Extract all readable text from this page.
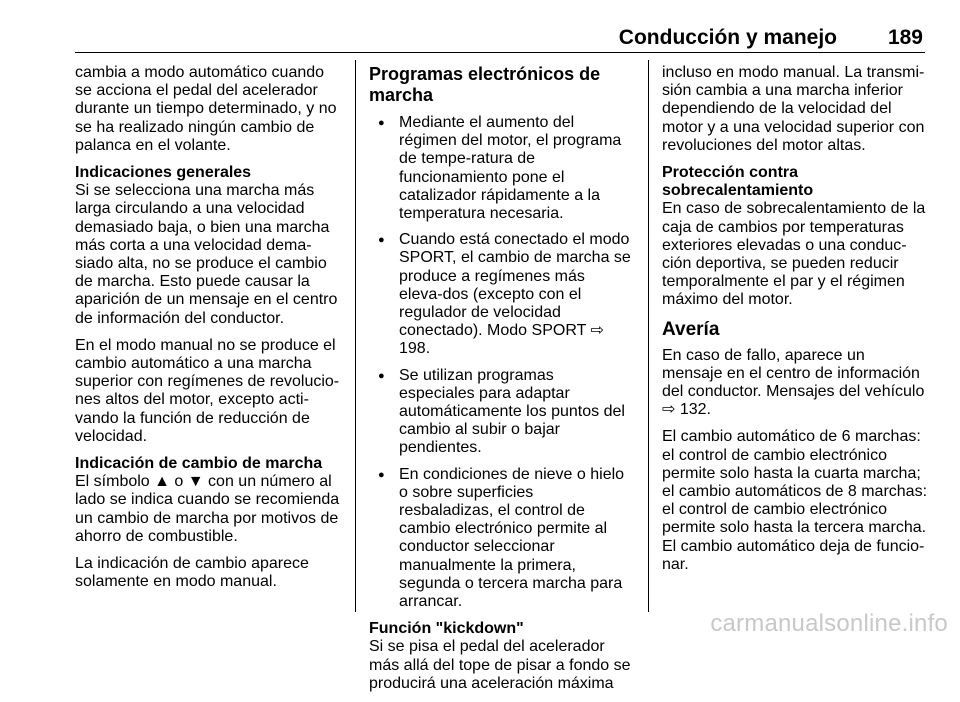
Conducción y manejo 189

cambia a modo automático cuando se acciona el pedal del acelerador durante un tiempo determinado, y no se ha realizado ningún cambio de palanca en el volante.

Indicaciones generales

Si se selecciona una marcha más larga circulando a una velocidad demasiado baja, o bien una marcha más corta a una velocidad dema-siado alta, no se produce el cambio de marcha. Esto puede causar la aparición de un mensaje en el centro de información del conductor.

En el modo manual no se produce el cambio automático a una marcha superior con regímenes de revolucio-nes altos del motor, excepto acti-vando la función de reducción de velocidad.

Indicación de cambio de marcha

El símbolo ▲ o ▼ con un número al lado se indica cuando se recomienda un cambio de marcha por motivos de ahorro de combustible.

La indicación de cambio aparece solamente en modo manual.

Programas electrónicos de marcha
● Mediante el aumento del régimen del motor, el programa de tempe-ratura de funcionamiento pone el catalizador rápidamente a la temperatura necesaria.
● Cuando está conectado el modo SPORT, el cambio de marcha se produce a regímenes más eleva-dos (excepto con el regulador de velocidad conectado). Modo SPORT ⇨ 198.
● Se utilizan programas especiales para adaptar automáticamente los puntos del cambio al subir o bajar pendientes.
● En condiciones de nieve o hielo o sobre superficies resbaladizas, el control de cambio electrónico permite al conductor seleccionar manualmente la primera, segunda o tercera marcha para arrancar.
Función "kickdown"

Si se pisa el pedal del acelerador más allá del tope de pisar a fondo se producirá una aceleración máxima

incluso en modo manual. La transmi-sión cambia a una marcha inferior dependiendo de la velocidad del motor y a una velocidad superior con revoluciones del motor altas.

Protección contra sobrecalentamiento

En caso de sobrecalentamiento de la caja de cambios por temperaturas exteriores elevadas o una conduc-ción deportiva, se pueden reducir temporalmente el par y el régimen máximo del motor.

Avería

En caso de fallo, aparece un mensaje en el centro de información del conductor. Mensajes del vehículo ⇨ 132.

El cambio automático de 6 marchas: el control de cambio electrónico permite solo hasta la cuarta marcha; el cambio automáticos de 8 marchas: el control de cambio electrónico permite solo hasta la tercera marcha. El cambio automático deja de funcio-nar.

carmanualsonline.info
